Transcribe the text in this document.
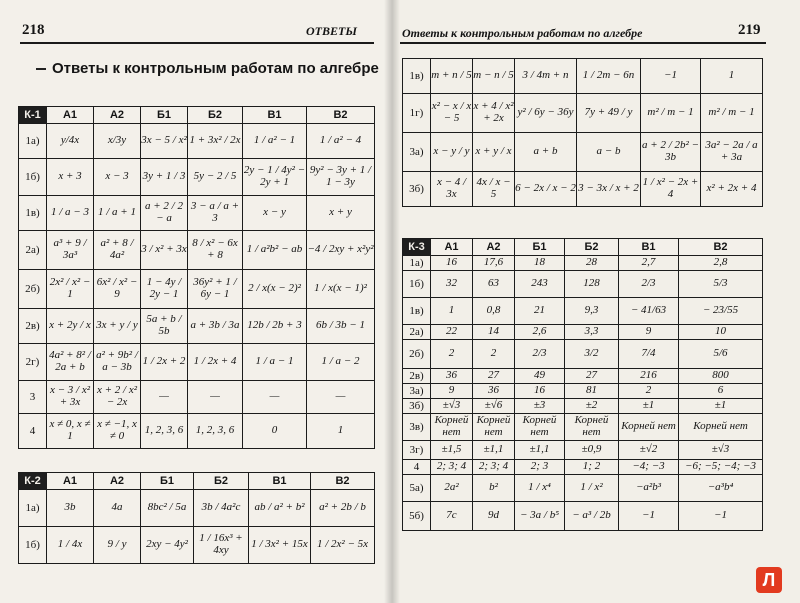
218	ОТВЕТЫ
Ответы к контрольным работам по алгебре
К-1	А1	А2	Б1	Б2	В1	В2
1а)	y/4x	x/3y	3x − 5 / x²	1 + 3x² / 2x	1 / a² − 1	1 / a² − 4
1б)	x + 3	x − 3	3y + 1 / 3	5y − 2 / 5	2y − 1 / 4y² − 2y + 1	9y² − 3y + 1 / 1 − 3y
1в)	1 / a − 3	1 / a + 1	a + 2 / 2 − a	3 − a / a + 3	x − y	x + y
2а)	a³ + 9 / 3a³	a² + 8 / 4a²	3 / x² + 3x	8 / x² − 6x + 8	1 / a²b² − ab	−4 / 2xy + x²y²
2б)	2x² / x² − 1	6x² / x² − 9	1 − 4y / 2y − 1	36y² + 1 / 6y − 1	2 / x(x − 2)²	1 / x(x − 1)²
2в)	x + 2y / x	3x + y / y	5a + b / 5b	a + 3b / 3a	12b / 2b + 3	6b / 3b − 1
2г)	4a² + 8² / 2a + b	a² + 9b² / a − 3b	1 / 2x + 2	1 / 2x + 4	1 / a − 1	1 / a − 2
3	x − 3 / x² + 3x	x + 2 / x² − 2x	—	—	—	—
4	x ≠ 0, x ≠ 1	x ≠ −1, x ≠ 0	1, 2, 3, 6	1, 2, 3, 6	0	1
К-2	А1	А2	Б1	Б2	В1	В2
1а)	3b	4a	8bc² / 5a	3b / 4a²c	ab / a² + b²	a² + 2b / b
1б)	1 / 4x	9 / y	2xy − 4y²	1 / 16x³ + 4xy	1 / 3x² + 15x	1 / 2x² − 5x
Ответы к контрольным работам по алгебре	219
1в)	m + n / 5	m − n / 5	3 / 4m + n	1 / 2m − 6n	−1	1
1г)	x² − x / x − 5	x + 4 / x² + 2x	y² / 6y − 36y	7y + 49 / y	m² / m − 1	m² / m − 1
3а)	x − y / y	x + y / x	a + b	a − b	a + 2 / 2b² − 3b	3a² − 2a / a + 3a
3б)	x − 4 / 3x	4x / x − 5	6 − 2x / x − 2	3 − 3x / x + 2	1 / x² − 2x + 4	x² + 2x + 4
К-3	А1	А2	Б1	Б2	В1	В2
1а)	16	17,6	18	28	2,7	2,8
1б)	32	63	243	128	2/3	5/3
1в)	1	0,8	21	9,3	− 41/63	− 23/55
2а)	22	14	2,6	3,3	9	10
2б)	2	2	2/3	3/2	7/4	5/6
2в)	36	27	49	27	216	800
3а)	9	36	16	81	2	6
3б)	±√3	±√6	±3	±2	±1	±1
3в)	Корней нет	Корней нет	Корней нет	Корней нет	Корней нет	Корней нет
3г)	±1,5	±1,1	±1,1	±0,9	±√2	±√3
4	2; 3; 4	2; 3; 4	2; 3	1; 2	−4; −3	−6; −5; −4; −3
5а)	2a²	b²	1 / x⁴	1 / x²	−a²b³	−a³b⁴
5б)	7c	9d	− 3a / b⁵	− a³ / 2b	−1	−1
Л
